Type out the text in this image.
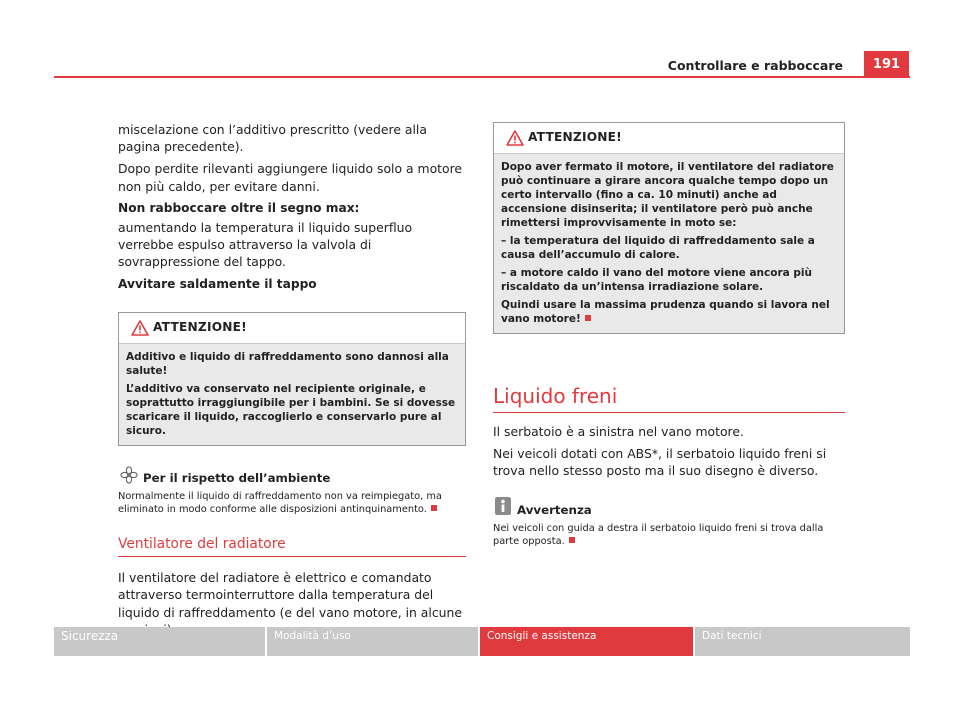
Controllare e rabboccare	191

miscelazione con l’additivo prescritto (vedere alla pagina precedente).

Dopo perdite rilevanti aggiungere liquido solo a motore non più caldo, per evitare danni.

Non rabboccare oltre il segno max:

aumentando la temperatura il liquido superfluo verrebbe espulso attraverso la valvola di sovrappressione del tappo.

Avvitare saldamente il tappo

ATTENZIONE!

Additivo e liquido di raffreddamento sono dannosi alla salute!

L’additivo va conservato nel recipiente originale, e soprattutto irraggiungibile per i bambini. Se si dovesse scaricare il liquido, raccoglierlo e conservarlo pure al sicuro.

Per il rispetto dell’ambiente

Normalmente il liquido di raffreddamento non va reimpiegato, ma eliminato in modo conforme alle disposizioni antinquinamento.

Ventilatore del radiatore

Il ventilatore del radiatore è elettrico e comandato attraverso termointerruttore dalla temperatura del liquido di raffreddamento (e del vano motore, in alcune

ATTENZIONE!

Dopo aver fermato il motore, il ventilatore del radiatore può continuare a girare ancora qualche tempo dopo un certo intervallo (fino a ca. 10 minuti) anche ad accensione disinserita; il ventilatore però può anche rimettersi improvvisamente in moto se:

– la temperatura del liquido di raffreddamento sale a causa dell’accumulo di calore.

– a motore caldo il vano del motore viene ancora più riscaldato da un’intensa irradiazione solare.

Quindi usare la massima prudenza quando si lavora nel vano motore!

Liquido freni

Il serbatoio è a sinistra nel vano motore.

Nei veicoli dotati con ABS*, il serbatoio liquido freni si trova nello stesso posto ma il suo disegno è diverso.

Avvertenza

Nei veicoli con guida a destra il serbatoio liquido freni si trova dalla parte opposta.

Sicurezza	Modalità d’uso	Consigli e assistenza	Dati tecnici
